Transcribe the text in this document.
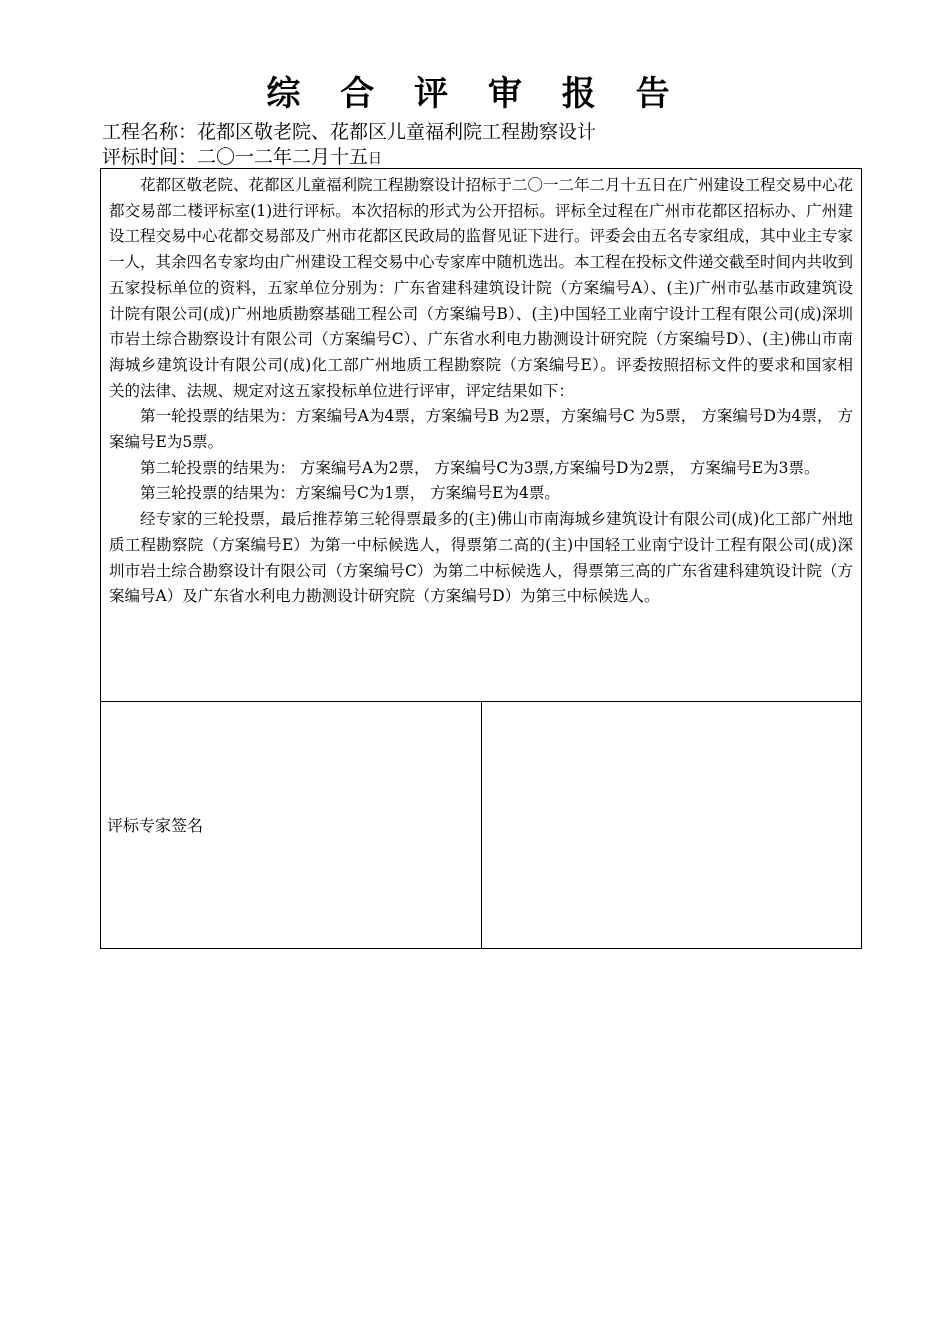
综 合 评 审 报 告
工程名称：花都区敬老院、花都区儿童福利院工程勘察设计
评标时间：二〇一二年二月十五日

花都区敬老院、花都区儿童福利院工程勘察设计招标于二〇一二年二月十五日在广州建设工程交易中心花都交易部二楼评标室(1)进行评标。本次招标的形式为公开招标。评标全过程在广州市花都区招标办、广州建设工程交易中心花都交易部及广州市花都区民政局的监督见证下进行。评委会由五名专家组成，其中业主专家一人，其余四名专家均由广州建设工程交易中心专家库中随机选出。本工程在投标文件递交截至时间内共收到五家投标单位的资料，五家单位分别为：广东省建科建筑设计院（方案编号A）、(主)广州市弘基市政建筑设计院有限公司(成)广州地质勘察基础工程公司（方案编号B）、(主)中国轻工业南宁设计工程有限公司(成)深圳市岩土综合勘察设计有限公司（方案编号C）、广东省水利电力勘测设计研究院（方案编号D）、(主)佛山市南海城乡建筑设计有限公司(成)化工部广州地质工程勘察院（方案编号E）。评委按照招标文件的要求和国家相关的法律、法规、规定对这五家投标单位进行评审，评定结果如下：

第一轮投票的结果为：方案编号A为4票，方案编号B 为2票，方案编号C 为5票， 方案编号D为4票， 方案编号E为5票。

第二轮投票的结果为： 方案编号A为2票， 方案编号C为3票,方案编号D为2票， 方案编号E为3票。

第三轮投票的结果为：方案编号C为1票， 方案编号E为4票。

经专家的三轮投票，最后推荐第三轮得票最多的(主)佛山市南海城乡建筑设计有限公司(成)化工部广州地质工程勘察院（方案编号E）为第一中标候选人，得票第二高的(主)中国轻工业南宁设计工程有限公司(成)深圳市岩土综合勘察设计有限公司（方案编号C）为第二中标候选人，得票第三高的广东省建科建筑设计院（方案编号A）及广东省水利电力勘测设计研究院（方案编号D）为第三中标候选人。

评标专家签名
